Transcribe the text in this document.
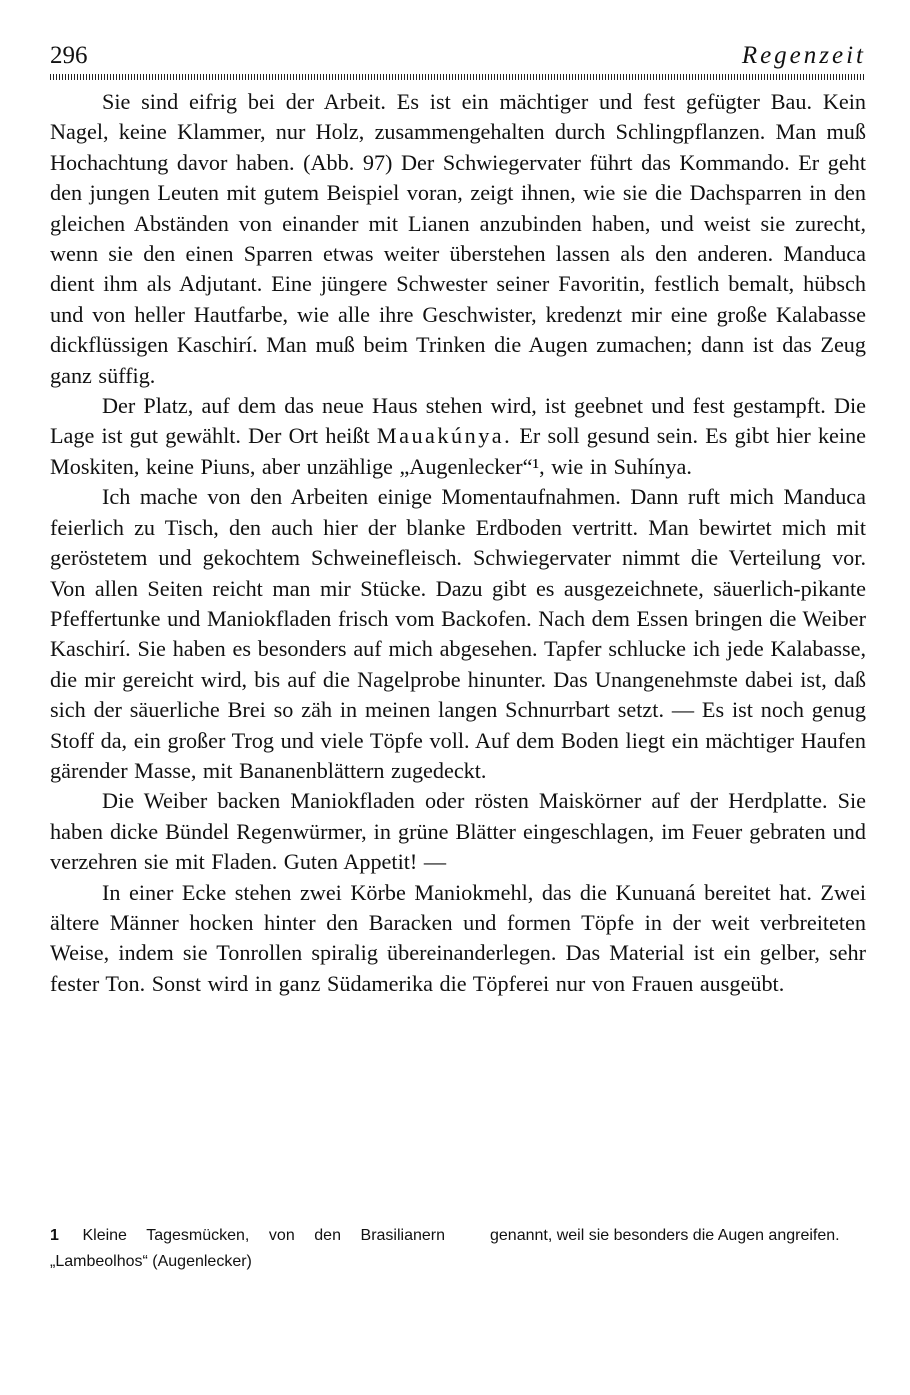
296	Regenzeit

Sie sind eifrig bei der Arbeit. Es ist ein mächtiger und fest gefügter Bau. Kein Nagel, keine Klammer, nur Holz, zusammengehalten durch Schlingpflanzen. Man muß Hochachtung davor haben. (Abb. 97) Der Schwiegervater führt das Kommando. Er geht den jungen Leuten mit gutem Beispiel voran, zeigt ihnen, wie sie die Dachsparren in den gleichen Abständen von einander mit Lianen anzubinden haben, und weist sie zurecht, wenn sie den einen Sparren etwas weiter überstehen lassen als den anderen. Manduca dient ihm als Adjutant. Eine jüngere Schwester seiner Favoritin, festlich bemalt, hübsch und von heller Hautfarbe, wie alle ihre Geschwister, kredenzt mir eine große Kalabasse dickflüssigen Kaschirí. Man muß beim Trinken die Augen zumachen; dann ist das Zeug ganz süffig.

Der Platz, auf dem das neue Haus stehen wird, ist geebnet und fest gestampft. Die Lage ist gut gewählt. Der Ort heißt Mauakúnya. Er soll gesund sein. Es gibt hier keine Moskiten, keine Piuns, aber unzählige „Augenlecker“¹, wie in Suhínya.

Ich mache von den Arbeiten einige Momentaufnahmen. Dann ruft mich Manduca feierlich zu Tisch, den auch hier der blanke Erdboden vertritt. Man bewirtet mich mit geröstetem und gekochtem Schweinefleisch. Schwiegervater nimmt die Verteilung vor. Von allen Seiten reicht man mir Stücke. Dazu gibt es ausgezeichnete, säuerlich-pikante Pfeffertunke und Maniokfladen frisch vom Backofen. Nach dem Essen bringen die Weiber Kaschirí. Sie haben es besonders auf mich abgesehen. Tapfer schlucke ich jede Kalabasse, die mir gereicht wird, bis auf die Nagelprobe hinunter. Das Unangenehmste dabei ist, daß sich der säuerliche Brei so zäh in meinen langen Schnurrbart setzt. — Es ist noch genug Stoff da, ein großer Trog und viele Töpfe voll. Auf dem Boden liegt ein mächtiger Haufen gärender Masse, mit Bananenblättern zugedeckt.

Die Weiber backen Maniokfladen oder rösten Maiskörner auf der Herdplatte. Sie haben dicke Bündel Regenwürmer, in grüne Blätter eingeschlagen, im Feuer gebraten und verzehren sie mit Fladen. Guten Appetit! —

In einer Ecke stehen zwei Körbe Maniokmehl, das die Kunuaná bereitet hat. Zwei ältere Männer hocken hinter den Baracken und formen Töpfe in der weit verbreiteten Weise, indem sie Tonrollen spiralig übereinanderlegen. Das Material ist ein gelber, sehr fester Ton. Sonst wird in ganz Südamerika die Töpferei nur von Frauen ausgeübt.

1 Kleine Tagesmücken, von den Brasilianern „Lambeolhos“ (Augenlecker)
genannt, weil sie besonders die Augen angreifen.
